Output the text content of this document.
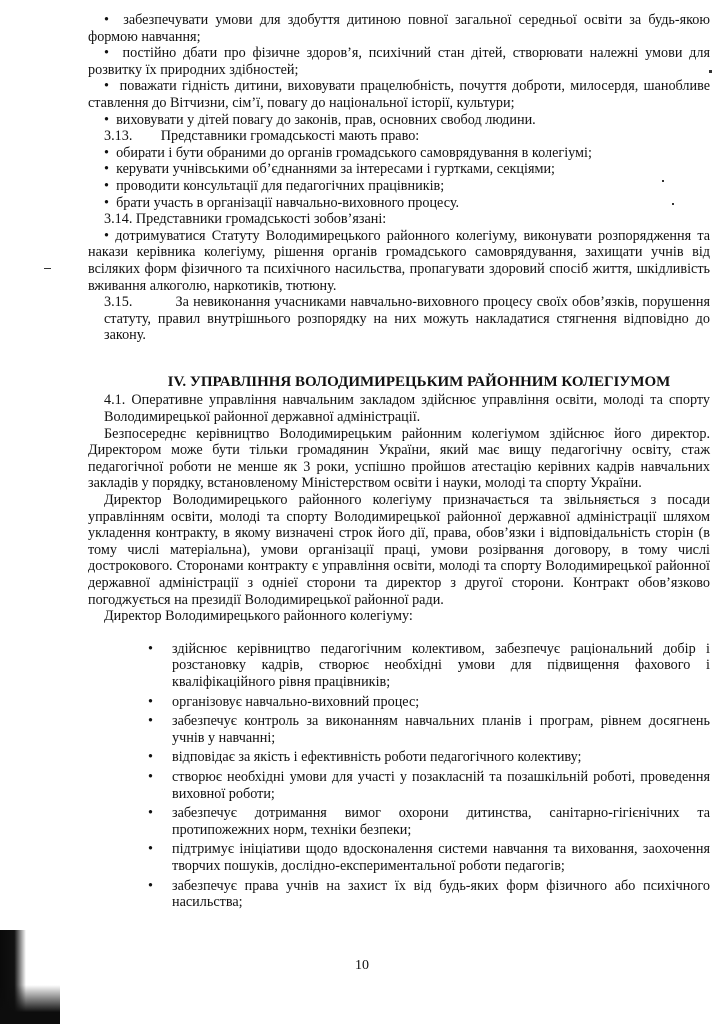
• забезпечувати умови для здобуття дитиною повної загальної середньої освіти за будь-якою формою навчання;

• постійно дбати про фізичне здоров’я, психічний стан дітей, створювати належні умови для розвитку їх природних здібностей;

• поважати гідність дитини, виховувати працелюбність, почуття доброти, милосердя, шанобливе ставлення до Вітчизни, сім’ї, повагу до національної історії, культури;

• виховувати у дітей повагу до законів, прав, основних свобод людини.

3.13. Представники громадськості мають право:

• обирати і бути обраними до органів громадського самоврядування в колегіумі;

• керувати учнівськими об’єднаннями за інтересами і гуртками, секціями;

• проводити консультації для педагогічних працівників;

• брати участь в організації навчально-виховного процесу.

3.14. Представники громадськості зобов’язані:

• дотримуватися Статуту Володимирецького районного колегіуму, виконувати розпорядження та накази керівника колегіуму, рішення органів громадського самоврядування, захищати учнів від всіляких форм фізичного та психічного насильства, пропагувати здоровий спосіб життя, шкідливість вживання алкоголю, наркотиків, тютюну.

3.15.	За невиконання учасниками навчально-виховного процесу своїх обов’язків, порушення статуту, правил внутрішнього розпорядку на них можуть накладатися стягнення відповідно до закону.

IV. УПРАВЛІННЯ ВОЛОДИМИРЕЦЬКИМ РАЙОННИМ КОЛЕГІУМОМ

4.1. Оперативне управління навчальним закладом здійснює управління освіти, молоді та спорту Володимирецької районної державної адміністрації.

Безпосереднє керівництво Володимирецьким районним колегіумом здійснює його директор. Директором може бути тільки громадянин України, який має вищу педагогічну освіту, стаж педагогічної роботи не менше як 3 роки, успішно пройшов атестацію керівних кадрів навчальних закладів у порядку, встановленому Міністерством освіти і науки, молоді та спорту України.

Директор Володимирецького районного колегіуму призначається та звільняється з посади управлінням освіти, молоді та спорту Володимирецької районної державної адміністрації шляхом укладення контракту, в якому визначені строк його дії, права, обов’язки і відповідальність сторін (в тому числі матеріальна), умови організації праці, умови розірвання договору, в тому числі дострокового. Сторонами контракту є управління освіти, молоді та спорту Володимирецької районної державної адміністрації з одніеї сторони та директор з другої сторони. Контракт обов’язково погоджується на президії Володимирецької районної ради.

Директор Володимирецького районного колегіуму:

• здійснює керівництво педагогічним колективом, забезпечує раціональний добір і розстановку кадрів, створює необхідні умови для підвищення фахового і кваліфікаційного рівня працівників;
• організовує навчально-виховний процес;
• забезпечує контроль за виконанням навчальних планів і програм, рівнем досягнень учнів у навчанні;
• відповідає за якість і ефективність роботи педагогічного колективу;
• створює необхідні умови для участі у позакласній та позашкільній роботі, проведення виховної роботи;
• забезпечує дотримання вимог охорони дитинства, санітарно-гігієнічних та протипожежних норм, техніки безпеки;
• підтримує ініціативи щодо вдосконалення системи навчання та виховання, заохочення творчих пошуків, дослідно-експериментальної роботи педагогів;
• забезпечує права учнів на захист їх від будь-яких форм фізичного або психічного насильства;
10
